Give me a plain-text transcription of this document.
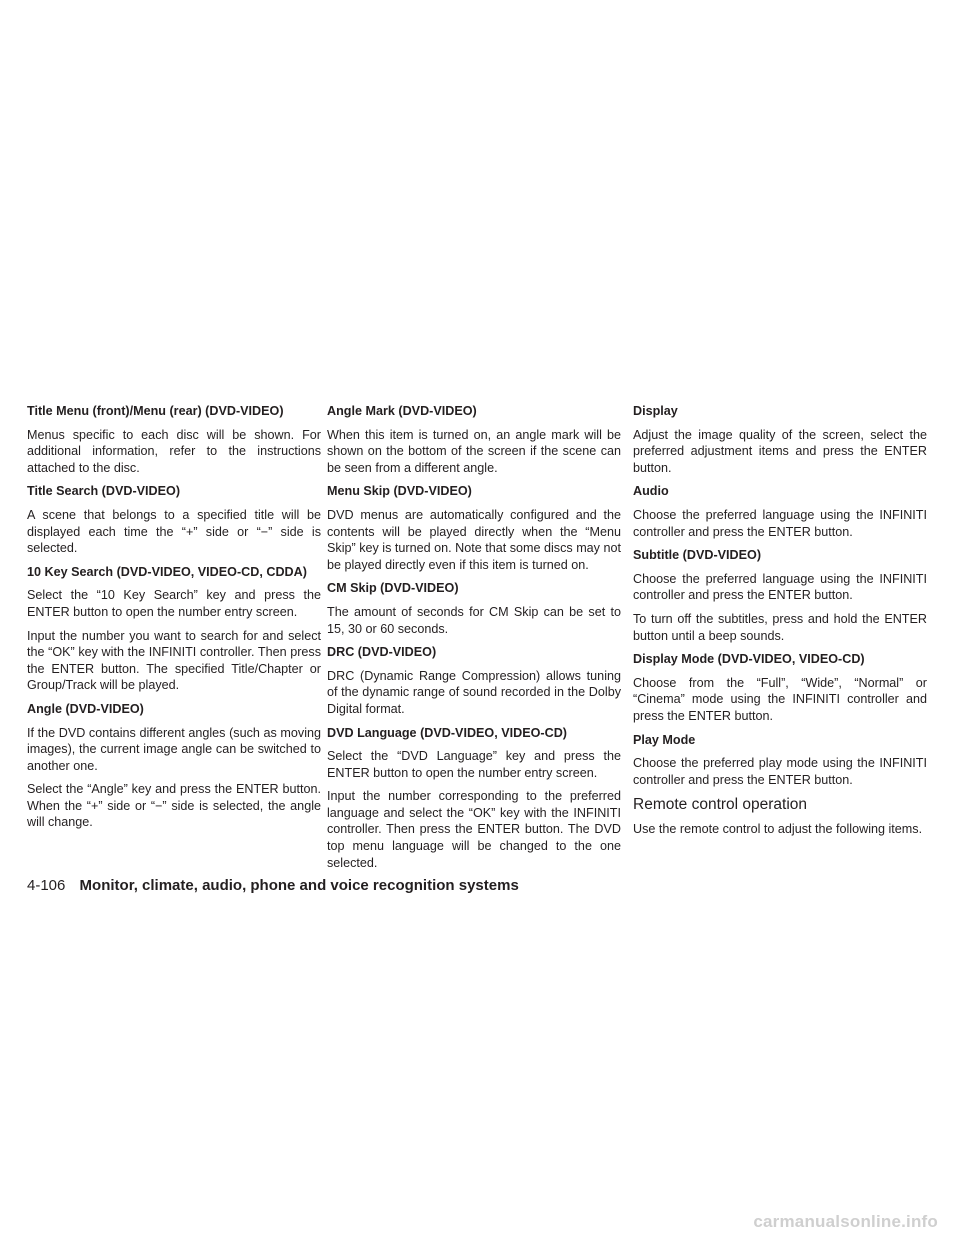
Title Menu (front)/Menu (rear) (DVD-VIDEO)

Menus specific to each disc will be shown. For additional information, refer to the instructions attached to the disc.

Title Search (DVD-VIDEO)

A scene that belongs to a specified title will be displayed each time the “+” side or “−” side is selected.

10 Key Search (DVD-VIDEO, VIDEO-CD, CDDA)

Select the “10 Key Search” key and press the ENTER button to open the number entry screen.

Input the number you want to search for and select the “OK” key with the INFINITI controller. Then press the ENTER button. The specified Title/Chapter or Group/Track will be played.

Angle (DVD-VIDEO)

If the DVD contains different angles (such as moving images), the current image angle can be switched to another one.

Select the “Angle” key and press the ENTER button. When the “+” side or “−” side is selected, the angle will change.

Angle Mark (DVD-VIDEO)

When this item is turned on, an angle mark will be shown on the bottom of the screen if the scene can be seen from a different angle.

Menu Skip (DVD-VIDEO)

DVD menus are automatically configured and the contents will be played directly when the “Menu Skip” key is turned on. Note that some discs may not be played directly even if this item is turned on.

CM Skip (DVD-VIDEO)

The amount of seconds for CM Skip can be set to 15, 30 or 60 seconds.

DRC (DVD-VIDEO)

DRC (Dynamic Range Compression) allows tuning of the dynamic range of sound recorded in the Dolby Digital format.

DVD Language (DVD-VIDEO, VIDEO-CD)

Select the “DVD Language” key and press the ENTER button to open the number entry screen.

Input the number corresponding to the preferred language and select the “OK” key with the INFINITI controller. Then press the ENTER button. The DVD top menu language will be changed to the one selected.

Display

Adjust the image quality of the screen, select the preferred adjustment items and press the ENTER button.

Audio

Choose the preferred language using the INFINITI controller and press the ENTER button.

Subtitle (DVD-VIDEO)

Choose the preferred language using the INFINITI controller and press the ENTER button.

To turn off the subtitles, press and hold the ENTER button until a beep sounds.

Display Mode (DVD-VIDEO, VIDEO-CD)

Choose from the “Full”, “Wide”, “Normal” or “Cinema” mode using the INFINITI controller and press the ENTER button.

Play Mode

Choose the preferred play mode using the INFINITI controller and press the ENTER button.

Remote control operation

Use the remote control to adjust the following items.

4-106 Monitor, climate, audio, phone and voice recognition systems
carmanualsonline.info
